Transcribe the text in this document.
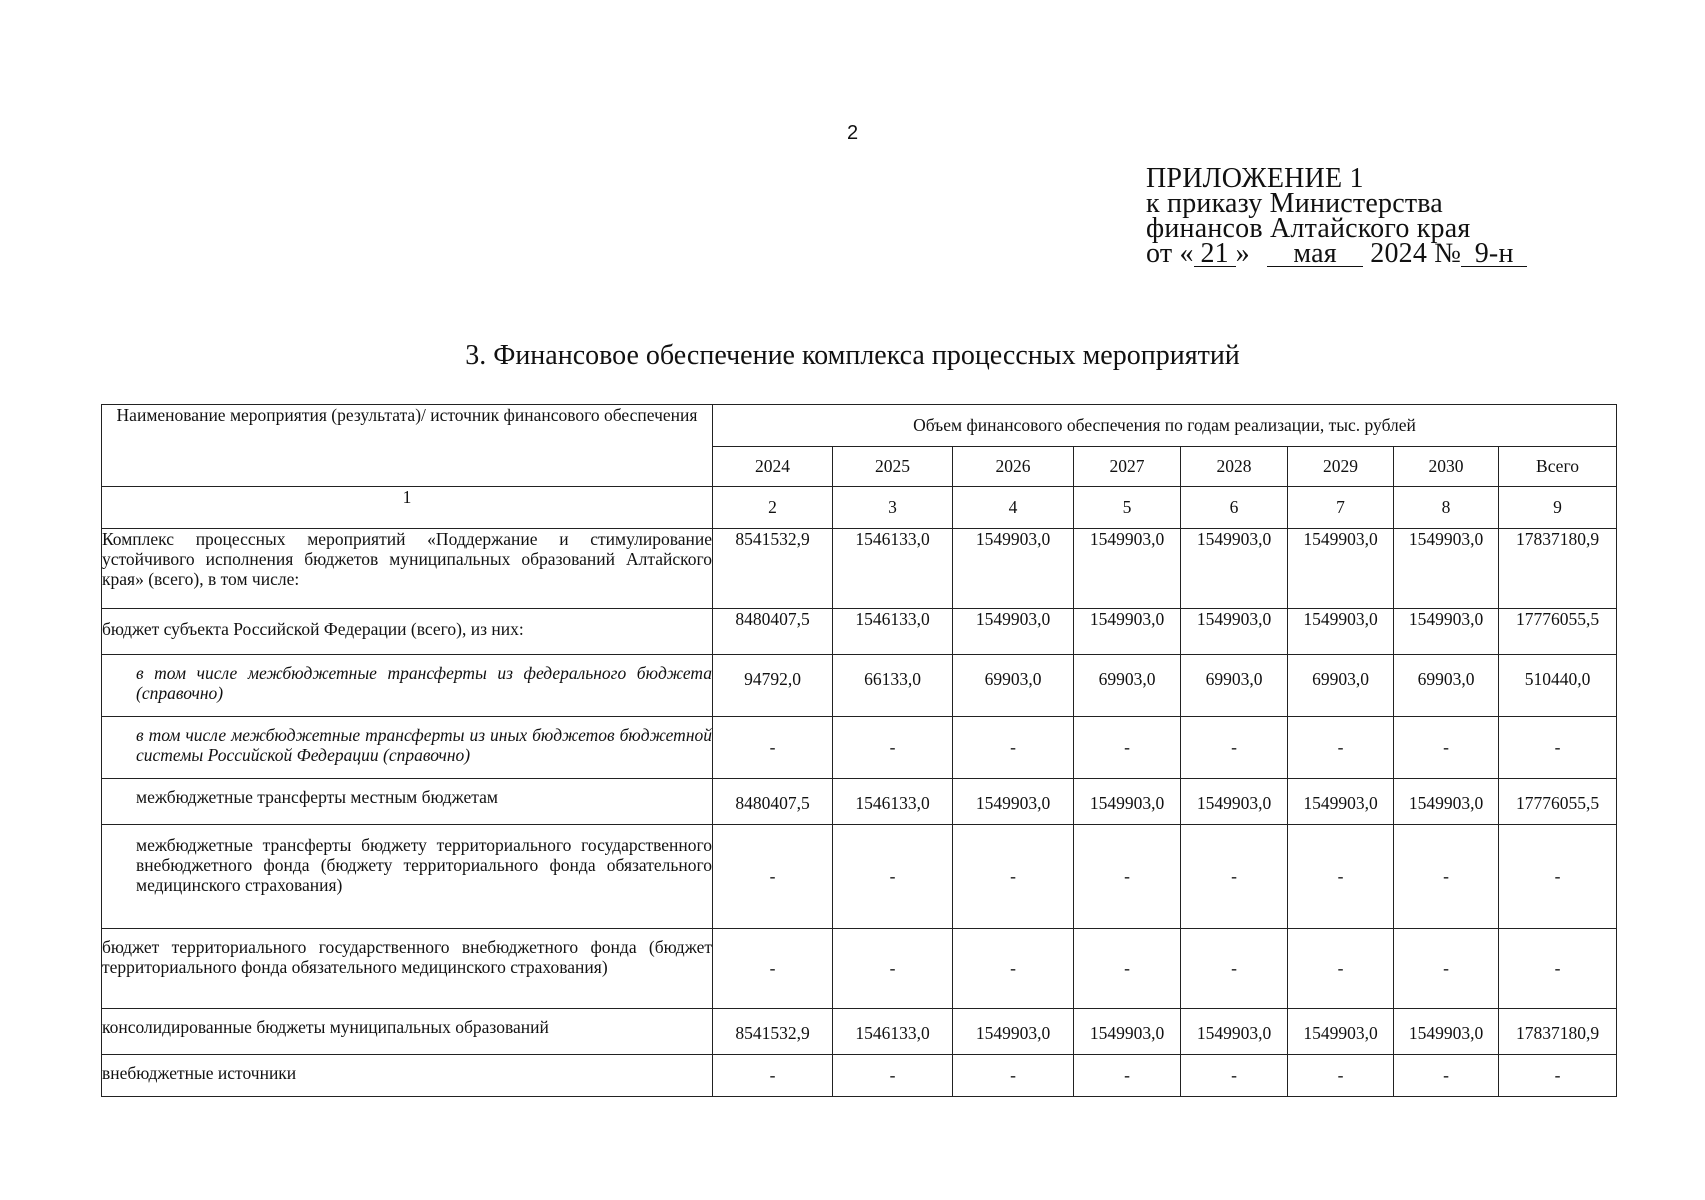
2
ПРИЛОЖЕНИЕ 1
к приказу Министерства
финансов Алтайского края
от « 21 » мая 2024 № 9-н
3. Финансовое обеспечение комплекса процессных мероприятий
Наименование мероприятия (результата)/ источник финансового обеспечения	Объем финансового обеспечения по годам реализации, тыс. рублей							
	2024	2025	2026	2027	2028	2029	2030	Всего
1	2	3	4	5	6	7	8	9
Комплекс процессных мероприятий «Поддержание и стимулирование устойчивого исполнения бюджетов муниципальных образований Алтайского края» (всего), в том числе:	8541532,9	1546133,0	1549903,0	1549903,0	1549903,0	1549903,0	1549903,0	17837180,9
бюджет субъекта Российской Федерации (всего), из них:	8480407,5	1546133,0	1549903,0	1549903,0	1549903,0	1549903,0	1549903,0	17776055,5
в том числе межбюджетные трансферты из федерального бюджета (справочно)	94792,0	66133,0	69903,0	69903,0	69903,0	69903,0	69903,0	510440,0
в том числе межбюджетные трансферты из иных бюджетов бюджетной системы Российской Федерации (справочно)	-	-	-	-	-	-	-	-
межбюджетные трансферты местным бюджетам	8480407,5	1546133,0	1549903,0	1549903,0	1549903,0	1549903,0	1549903,0	17776055,5
межбюджетные трансферты бюджету территориального государственного внебюджетного фонда (бюджету территориального фонда обязательного медицинского страхования)	-	-	-	-	-	-	-	-
бюджет территориального государственного внебюджетного фонда (бюджет территориального фонда обязательного медицинского страхования)	-	-	-	-	-	-	-	-
консолидированные бюджеты муниципальных образований	8541532,9	1546133,0	1549903,0	1549903,0	1549903,0	1549903,0	1549903,0	17837180,9
внебюджетные источники	-	-	-	-	-	-	-	-
